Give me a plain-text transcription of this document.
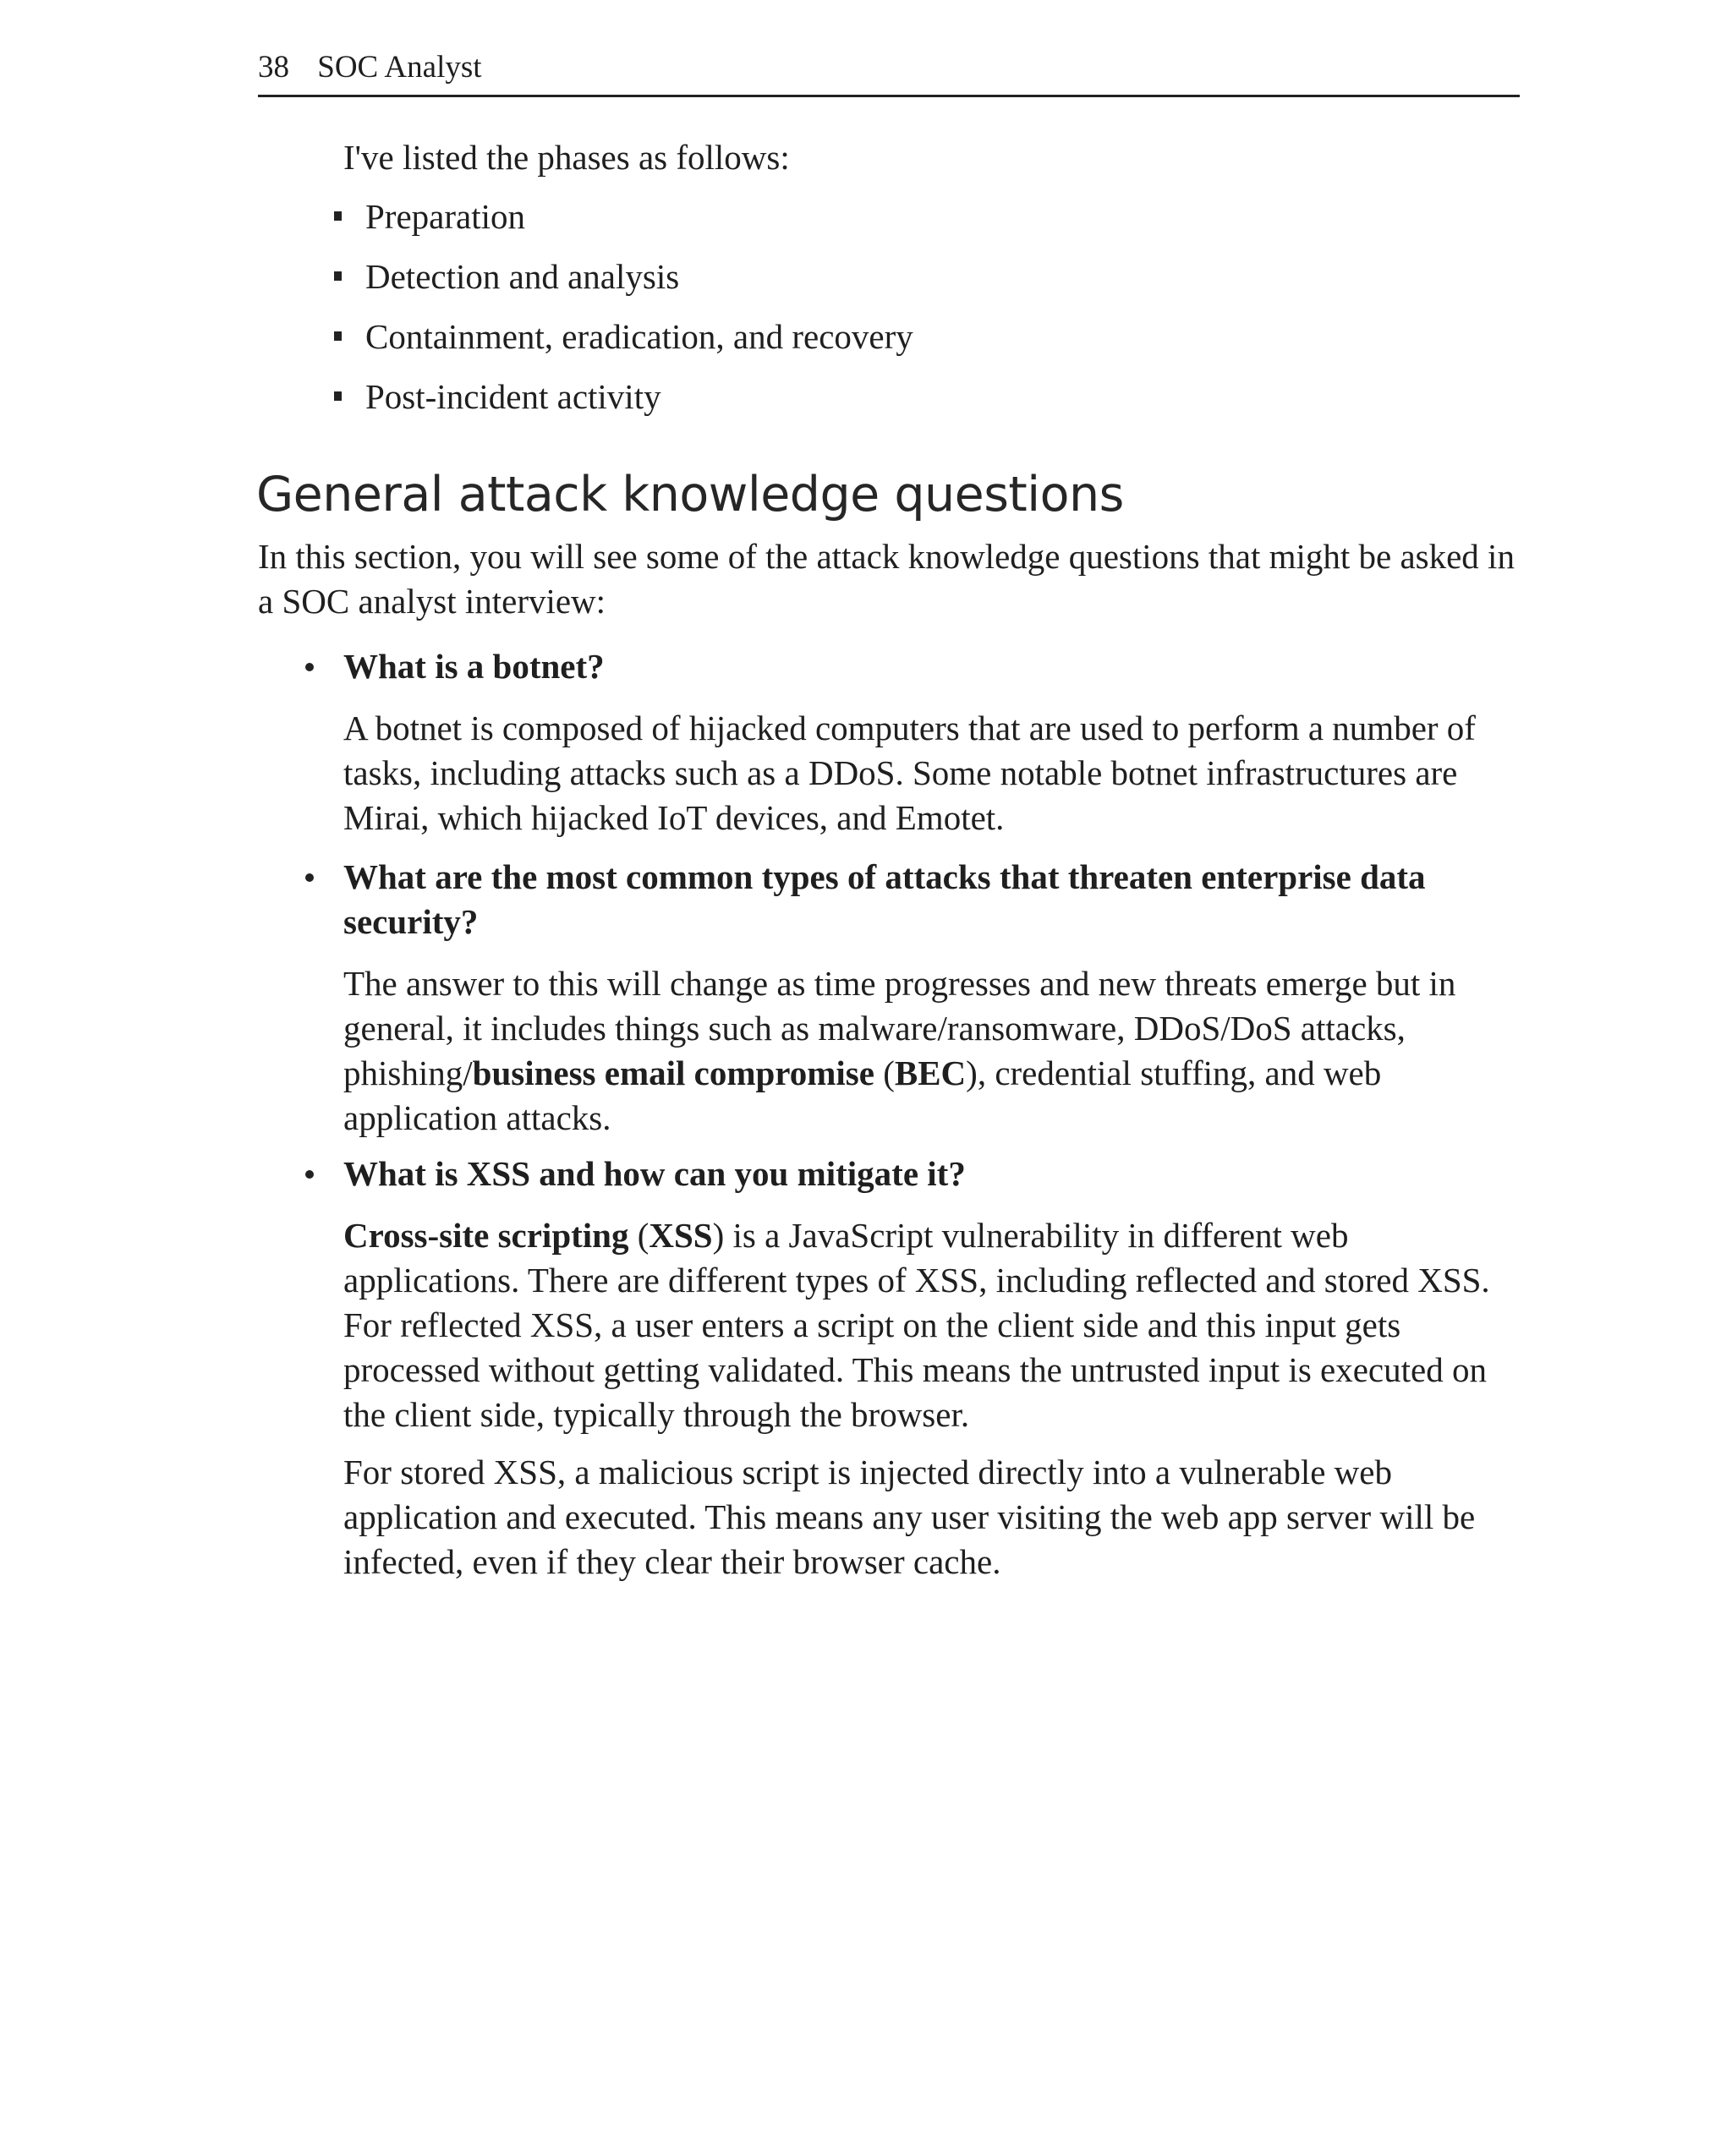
38 SOC Analyst

I've listed the phases as follows:

Preparation
Detection and analysis
Containment, eradication, and recovery
Post-incident activity
General attack knowledge questions

In this section, you will see some of the attack knowledge questions that might be asked in a SOC analyst interview:

What is a botnet?

A botnet is composed of hijacked computers that are used to perform a number of tasks, including attacks such as a DDoS. Some notable botnet infrastructures are Mirai, which hijacked IoT devices, and Emotet.

What are the most common types of attacks that threaten enterprise data security?

The answer to this will change as time progresses and new threats emerge but in general, it includes things such as malware/ransomware, DDoS/DoS attacks, phishing/business email compromise (BEC), credential stuffing, and web application attacks.

What is XSS and how can you mitigate it?

Cross-site scripting (XSS) is a JavaScript vulnerability in different web applications. There are different types of XSS, including reflected and stored XSS. For reflected XSS, a user enters a script on the client side and this input gets processed without getting validated. This means the untrusted input is executed on the client side, typically through the browser.

For stored XSS, a malicious script is injected directly into a vulnerable web application and executed. This means any user visiting the web app server will be infected, even if they clear their browser cache.
